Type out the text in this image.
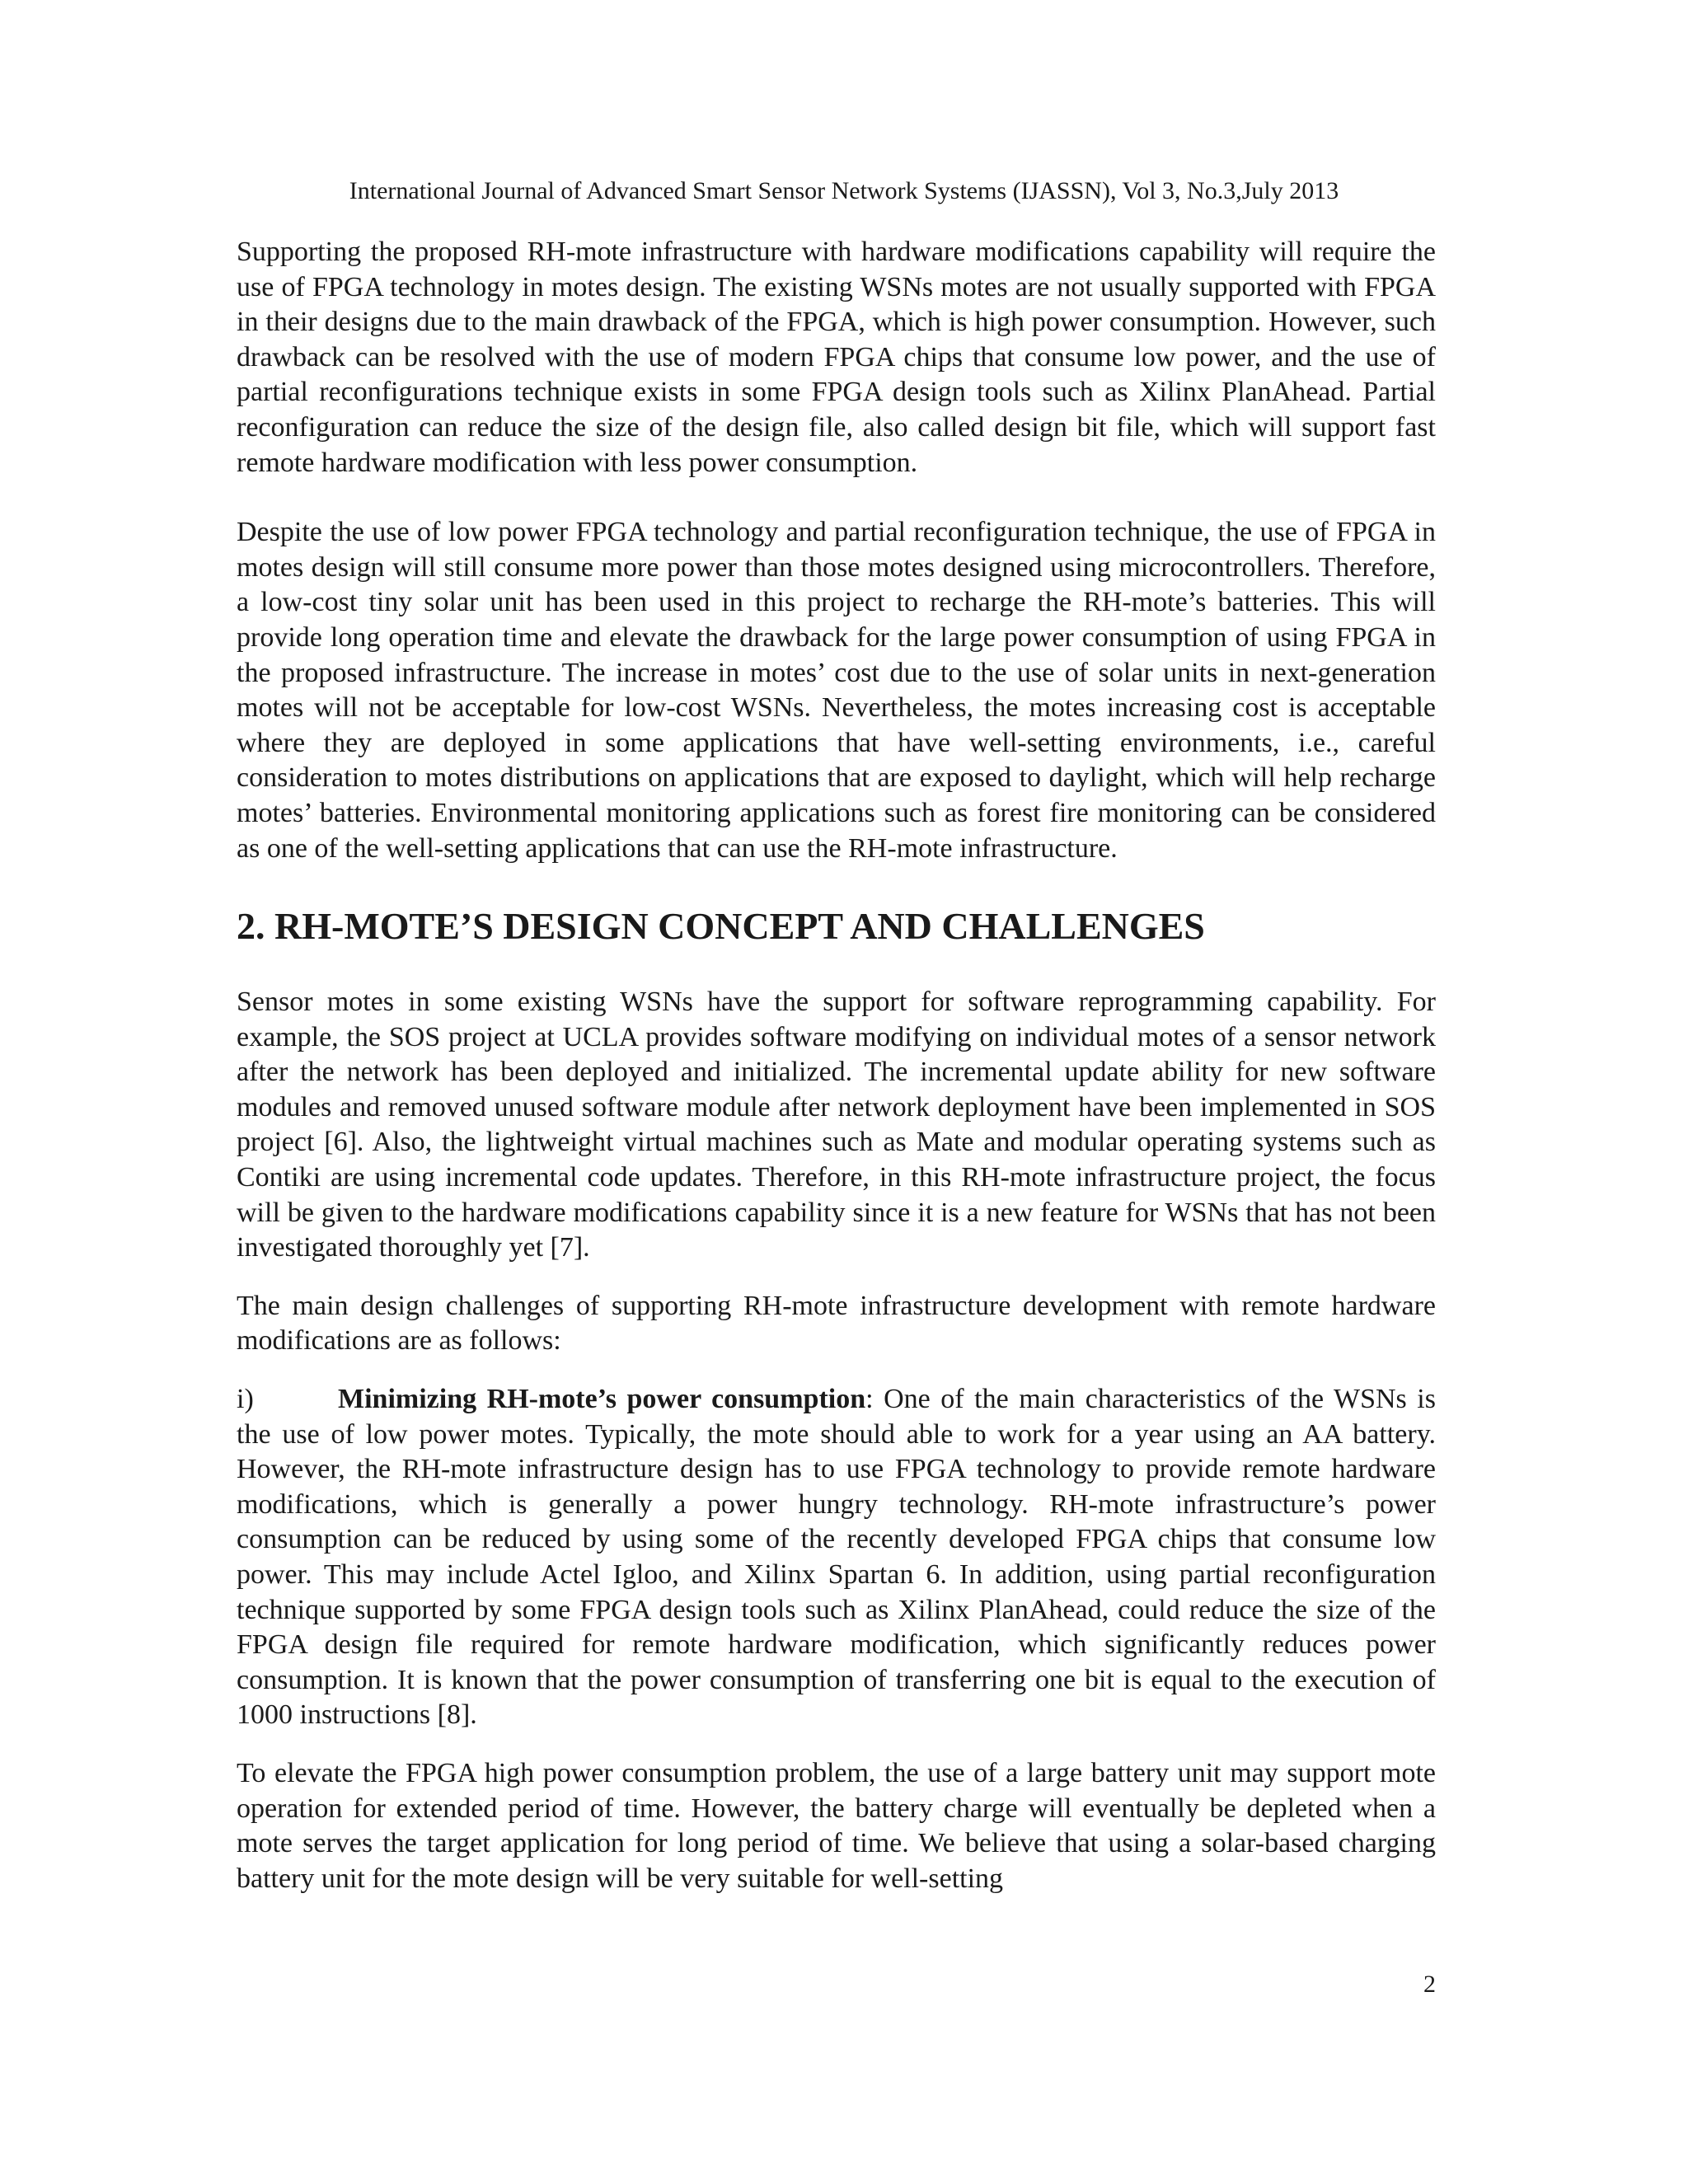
International Journal of Advanced Smart Sensor Network Systems (IJASSN), Vol 3, No.3,July 2013

Supporting the proposed RH-mote infrastructure with hardware modifications capability will require the use of FPGA technology in motes design. The existing WSNs motes are not usually supported with FPGA in their designs due to the main drawback of the FPGA, which is high power consumption. However, such drawback can be resolved with the use of modern FPGA chips that consume low power, and the use of partial reconfigurations technique exists in some FPGA design tools such as Xilinx PlanAhead. Partial reconfiguration can reduce the size of the design file, also called design bit file, which will support fast remote hardware modification with less power consumption.

Despite the use of low power FPGA technology and partial reconfiguration technique, the use of FPGA in motes design will still consume more power than those motes designed using microcontrollers. Therefore, a low-cost tiny solar unit has been used in this project to recharge the RH-mote’s batteries. This will provide long operation time and elevate the drawback for the large power consumption of using FPGA in the proposed infrastructure. The increase in motes’ cost due to the use of solar units in next-generation motes will not be acceptable for low-cost WSNs. Nevertheless, the motes increasing cost is acceptable where they are deployed in some applications that have well-setting environments, i.e., careful consideration to motes distributions on applications that are exposed to daylight, which will help recharge motes’ batteries. Environmental monitoring applications such as forest fire monitoring can be considered as one of the well-setting applications that can use the RH-mote infrastructure.

2. RH-MOTE’S DESIGN CONCEPT AND CHALLENGES

Sensor motes in some existing WSNs have the support for software reprogramming capability. For example, the SOS project at UCLA provides software modifying on individual motes of a sensor network after the network has been deployed and initialized. The incremental update ability for new software modules and removed unused software module after network deployment have been implemented in SOS project [6]. Also, the lightweight virtual machines such as Mate and modular operating systems such as Contiki are using incremental code updates. Therefore, in this RH-mote infrastructure project, the focus will be given to the hardware modifications capability since it is a new feature for WSNs that has not been investigated thoroughly yet [7].

The main design challenges of supporting RH-mote infrastructure development with remote hardware modifications are as follows:

i)	Minimizing RH-mote’s power consumption: One of the main characteristics of the WSNs is the use of low power motes. Typically, the mote should able to work for a year using an AA battery. However, the RH-mote infrastructure design has to use FPGA technology to provide remote hardware modifications, which is generally a power hungry technology. RH-mote infrastructure’s power consumption can be reduced by using some of the recently developed FPGA chips that consume low power. This may include Actel Igloo, and Xilinx Spartan 6. In addition, using partial reconfiguration technique supported by some FPGA design tools such as Xilinx PlanAhead, could reduce the size of the FPGA design file required for remote hardware modification, which significantly reduces power consumption. It is known that the power consumption of transferring one bit is equal to the execution of 1000 instructions [8].

To elevate the FPGA high power consumption problem, the use of a large battery unit may support mote operation for extended period of time. However, the battery charge will eventually be depleted when a mote serves the target application for long period of time. We believe that using a solar-based charging battery unit for the mote design will be very suitable for well-setting

2
